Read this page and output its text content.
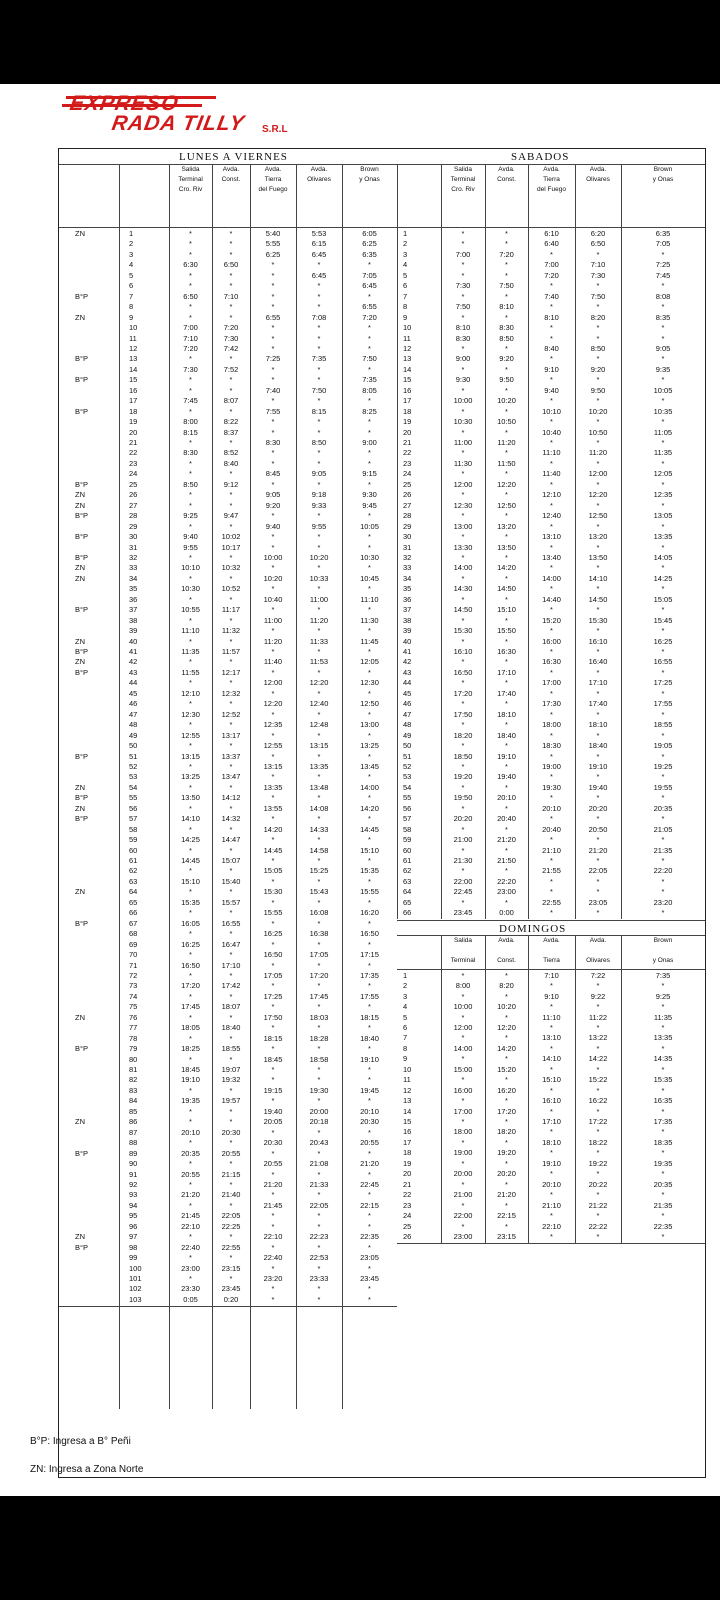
EXPRESO
RADA TILLY S.R.L
LUNES A VIERNES	SABADOS
Salida
Terminal
Cro. Riv
Avda.
Const.
Avda.
Tierra
del Fuego
Avda.
Olivares
Brown
y Onas
Salida
Terminal
Cro. Riv
Avda.
Const.
Avda.
Tierra
del Fuego
Avda.
Olivares
Brown
y Onas
ZN	1	*	*	5:40	5:53	6:05
2	*	*	5:55	6:15	6:25
3	*	*	6:25	6:45	6:35
4	6:30	6:50	*	*	*
5	*	*	*	6:45	7:05
6	*	*	*	*	6:45
B°P	7	6:50	7:10	*	*	*
8	*	*	*	*	6:55
ZN	9	*	*	6:55	7:08	7:20
10	7:00	7:20	*	*	*
11	7:10	7:30	*	*	*
12	7:20	7:42	*	*	*
B°P	13	*	*	7:25	7:35	7:50
14	7:30	7:52	*	*	*
B°P	15	*	*	*	*	7:35
16	*	*	7:40	7:50	8:05
17	7:45	8:07	*	*	*
B°P	18	*	*	7:55	8:15	8:25
19	8:00	8:22	*	*	*
20	8:15	8:37	*	*	*
21	*	*	8:30	8:50	9:00
22	8:30	8:52	*	*	*
23	*	8:40	*	*	*
24	*	*	8:45	9:05	9:15
B°P	25	8:50	9:12	*	*	*
ZN	26	*	*	9:05	9:18	9:30
ZN	27	*	*	9:20	9:33	9:45
B°P	28	9:25	9:47	*	*	*
29	*	*	9:40	9:55	10:05
B°P	30	9:40	10:02	*	*	*
31	9:55	10:17	*	*	*
B°P	32	*	*	10:00	10:20	10:30
ZN	33	10:10	10:32	*	*	*
ZN	34	*	*	10:20	10:33	10:45
35	10:30	10:52	*	*	*
36	*	*	10:40	11:00	11:10
B°P	37	10:55	11:17	*	*	*
38	*	*	11:00	11:20	11:30
39	11:10	11:32	*	*	*
ZN	40	*	*	11:20	11:33	11:45
B°P	41	11:35	11:57	*	*	*
ZN	42	*	*	11:40	11:53	12:05
B°P	43	11:55	12:17	*	*	*
44	*	*	12:00	12:20	12:30
45	12:10	12:32	*	*	*
46	*	*	12:20	12:40	12:50
47	12:30	12:52	*	*	*
48	*	*	12:35	12:48	13:00
49	12:55	13:17	*	*	*
50	*	*	12:55	13:15	13:25
B°P	51	13:15	13:37	*	*	*
52	*	*	13:15	13:35	13:45
53	13:25	13:47	*	*	*
ZN	54	*	*	13:35	13:48	14:00
B°P	55	13:50	14:12	*	*	*
ZN	56	*	*	13:55	14:08	14:20
B°P	57	14:10	14:32	*	*	*
58	*	*	14:20	14:33	14:45
59	14:25	14:47	*	*	*
60	*	*	14:45	14:58	15:10
61	14:45	15:07	*	*	*
62	*	*	15:05	15:25	15:35
63	15:10	15:40	*	*	*
ZN	64	*	*	15:30	15:43	15:55
65	15:35	15:57	*	*	*
66	*	*	15:55	16:08	16:20
B°P	67	16:05	16:55	*	*	*
68	*	*	16:25	16:38	16:50
69	16:25	16:47	*	*	*
70	*	*	16:50	17:05	17:15
71	16:50	17:10	*	*	*
72	*	*	17:05	17:20	17:35
73	17:20	17:42	*	*	*
74	*	*	17:25	17:45	17:55
75	17:45	18:07	*	*	*
ZN	76	*	*	17:50	18:03	18:15
77	18:05	18:40	*	*	*
78	*	*	18:15	18:28	18:40
B°P	79	18:25	18:55	*	*	*
80	*	*	18:45	18:58	19:10
81	18:45	19:07	*	*	*
82	19:10	19:32	*	*	*
83	*	*	19:15	19:30	19:45
84	19:35	19:57	*	*	*
85	*	*	19:40	20:00	20:10
ZN	86	*	*	20:05	20:18	20:30
87	20:10	20:30	*	*	*
88	*	*	20:30	20:43	20:55
B°P	89	20:35	20:55	*	*	*
90	*	*	20:55	21:08	21:20
91	20:55	21:15	*	*	*
92	*	*	21:20	21:33	22:45
93	21:20	21:40	*	*	*
94	*	*	21:45	22:05	22:15
95	21:45	22:05	*	*	*
96	22:10	22:25	*	*	*
ZN	97	*	*	22:10	22:23	22:35
B°P	98	22:40	22:55	*	*	*
99	*	*	22:40	22:53	23:05
100	23:00	23:15	*	*	*
101	*	*	23:20	23:33	23:45
102	23:30	23:45	*	*	*
103	0:05	0:20	*	*	*
1	*	*	6:10	6:20	6:35
2	*	*	6:40	6:50	7:05
3	7:00	7:20	*	*	*
4	*	*	7:00	7:10	7:25
5	*	*	7:20	7:30	7:45
6	7:30	7:50	*	*	*
7	*	*	7:40	7:50	8:08
8	7:50	8:10	*	*	*
9	*	*	8:10	8:20	8:35
10	8:10	8:30	*	*	*
11	8:30	8:50	*	*	*
12	*	*	8:40	8:50	9:05
13	9:00	9:20	*	*	*
14	*	*	9:10	9:20	9:35
15	9:30	9:50	*	*	*
16	*	*	9:40	9:50	10:05
17	10:00	10:20	*	*	*
18	*	*	10:10	10:20	10:35
19	10:30	10:50	*	*	*
20	*	*	10:40	10:50	11:05
21	11:00	11:20	*	*	*
22	*	*	11:10	11:20	11:35
23	11:30	11:50	*	*	*
24	*	*	11:40	12:00	12:05
25	12:00	12:20	*	*	*
26	*	*	12:10	12:20	12:35
27	12:30	12:50	*	*	*
28	*	*	12:40	12:50	13:05
29	13:00	13:20	*	*	*
30	*	*	13:10	13:20	13:35
31	13:30	13:50	*	*	*
32	*	*	13:40	13:50	14:05
33	14:00	14:20	*	*	*
34	*	*	14:00	14:10	14:25
35	14:30	14:50	*	*	*
36	*	*	14:40	14:50	15:05
37	14:50	15:10	*	*	*
38	*	*	15:20	15:30	15:45
39	15:30	15:50	*	*	*
40	*	*	16:00	16:10	16:25
41	16:10	16:30	*	*	*
42	*	*	16:30	16:40	16:55
43	16:50	17:10	*	*	*
44	*	*	17:00	17:10	17:25
45	17:20	17:40	*	*	*
46	*	*	17:30	17:40	17:55
47	17:50	18:10	*	*	*
48	*	*	18:00	18:10	18:55
49	18:20	18:40	*	*	*
50	*	*	18:30	18:40	19:05
51	18:50	19:10	*	*	*
52	*	*	19:00	19:10	19:25
53	19:20	19:40	*	*	*
54	*	*	19:30	19:40	19:55
55	19:50	20:10	*	*	*
56	*	*	20:10	20:20	20:35
57	20:20	20:40	*	*	*
58	*	*	20:40	20:50	21:05
59	21:00	21:20	*	*	*
60	*	*	21:10	21:20	21:35
61	21:30	21:50	*	*	*
62	*	*	21:55	22:05	22:20
63	22:00	22:20	*	*	*
64	22:45	23:00	*	*	*
65	*	*	22:55	23:05	23:20
66	23:45	0:00	*	*	*
DOMINGOS
Salida

Terminal
Avda.

Const.
Avda.

Tierra
Avda.

Olivares
Brown

y Onas
1	*	*	7:10	7:22	7:35
2	8:00	8:20	*	*	*
3	*	*	9:10	9:22	9:25
4	10:00	10:20	*	*	*
5	*	*	11:10	11:22	11:35
6	12:00	12:20	*	*	*
7	*	*	13:10	13:22	13:35
8	14:00	14:20	*	*	*
9	*	*	14:10	14:22	14:35
10	15:00	15:20	*	*	*
11	*	*	15:10	15:22	15:35
12	16:00	16:20	*	*	*
13	*	*	16:10	16:22	16:35
14	17:00	17:20	*	*	*
15	*	*	17:10	17:22	17:35
16	18:00	18:20	*	*	*
17	*	*	18:10	18:22	18:35
18	19:00	19:20	*	*	*
19	*	*	19:10	19:22	19:35
20	20:00	20:20	*	*	*
21	*	*	20:10	20:22	20:35
22	21:00	21:20	*	*	*
23	*	*	21:10	21:22	21:35
24	22:00	22:15	*	*	*
25	*	*	22:10	22:22	22:35
26	23:00	23:15	*	*	*
B°P: Ingresa a B° Peñi
ZN: Ingresa a Zona Norte
